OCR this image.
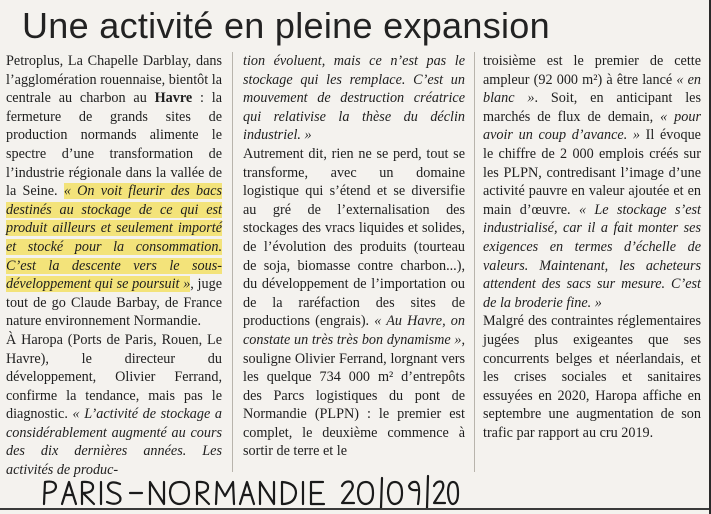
Une activité en pleine expansion

Petroplus, La Chapelle Darblay, dans l’agglomération rouennaise, bientôt la centrale au charbon au Havre : la fermeture de grands sites de production normands alimente le spectre d’une transformation de l’industrie régionale dans la vallée de la Seine. « On voit fleurir des bacs destinés au stockage de ce qui est produit ailleurs et seulement importé et stocké pour la consommation. C’est la descente vers le sous-développement qui se poursuit », juge tout de go Claude Barbay, de France nature environnement Normandie.

À Haropa (Ports de Paris, Rouen, Le Havre), le directeur du développement, Olivier Ferrand, confirme la tendance, mais pas le diagnostic. « L’activité de stockage a considérablement augmenté au cours des dix dernières années. Les activités de produc-

tion évoluent, mais ce n’est pas le stockage qui les remplace. C’est un mouvement de destruction créatrice qui relativise la thèse du déclin industriel. »

Autrement dit, rien ne se perd, tout se transforme, avec un domaine logistique qui s’étend et se diversifie au gré de l’externalisation des stockages des vracs liquides et solides, de l’évolution des produits (tourteau de soja, biomasse contre charbon...), du développement de l’importation ou de la raréfaction des sites de productions (engrais). « Au Havre, on constate un très très bon dynamisme », souligne Olivier Ferrand, lorgnant vers les quelque 734 000 m² d’entrepôts des Parcs logistiques du pont de Normandie (PLPN) : le premier est complet, le deuxième commence à sortir de terre et le

troisième est le premier de cette ampleur (92 000 m²) à être lancé « en blanc ». Soit, en anticipant les marchés de flux de demain, « pour avoir un coup d’avance. » Il évoque le chiffre de 2 000 emplois créés sur les PLPN, contredisant l’image d’une activité pauvre en valeur ajoutée et en main d’œuvre. « Le stockage s’est industrialisé, car il a fait monter ses exigences en termes d’échelle de valeurs. Maintenant, les acheteurs attendent des sacs sur mesure. C’est de la broderie fine. »

Malgré des contraintes réglementaires jugées plus exigeantes que ses concurrents belges et néerlandais, et les crises sociales et sanitaires essuyées en 2020, Haropa affiche en septembre une augmentation de son trafic par rapport au cru 2019.
